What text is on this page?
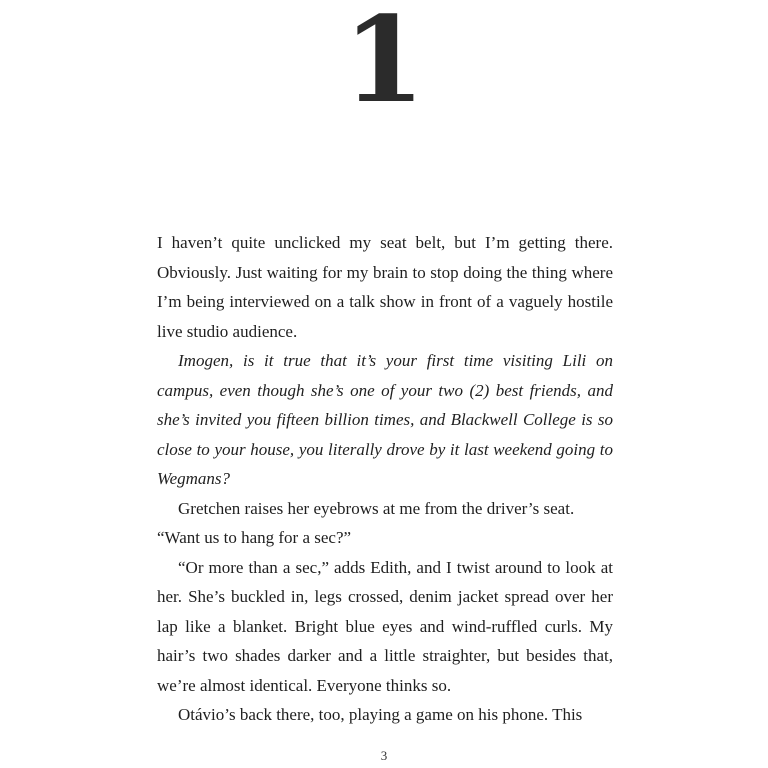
1

I haven’t quite unclicked my seat belt, but I’m getting there. Obviously. Just waiting for my brain to stop doing the thing where I’m being interviewed on a talk show in front of a vaguely hostile live studio audience.

Imogen, is it true that it’s your first time visiting Lili on campus, even though she’s one of your two (2) best friends, and she’s invited you fifteen billion times, and Blackwell College is so close to your house, you literally drove by it last weekend going to Wegmans?

Gretchen raises her eyebrows at me from the driver’s seat.

“Want us to hang for a sec?”

“Or more than a sec,” adds Edith, and I twist around to look at her. She’s buckled in, legs crossed, denim jacket spread over her lap like a blanket. Bright blue eyes and wind-ruffled curls. My hair’s two shades darker and a little straighter, but besides that, we’re almost identical. Everyone thinks so.

Otávio’s back there, too, playing a game on his phone. This

3
